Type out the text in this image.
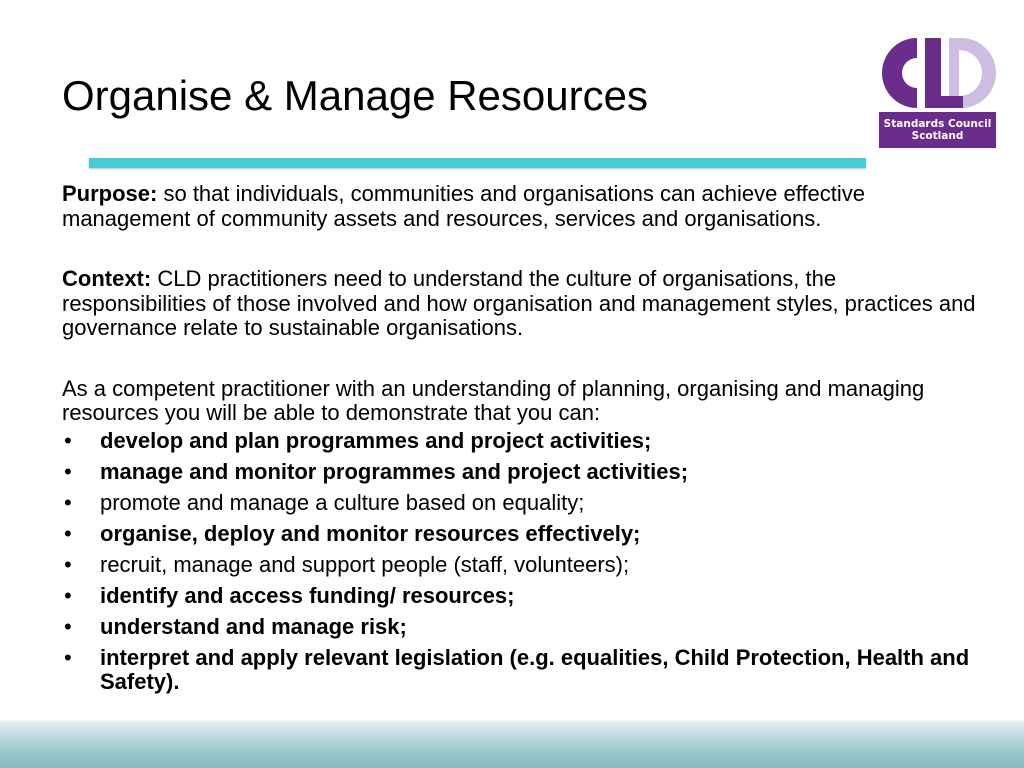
Organise & Manage Resources
Standards Council
Scotland

Purpose: so that individuals, communities and organisations can achieve effective management of community assets and resources, services and organisations.

Context: CLD practitioners need to understand the culture of organisations, the responsibilities of those involved and how organisation and management styles, practices and governance relate to sustainable organisations.

As a competent practitioner with an understanding of planning, organising and managing resources you will be able to demonstrate that you can:

• develop and plan programmes and project activities;
• manage and monitor programmes and project activities;
• promote and manage a culture based on equality;
• organise, deploy and monitor resources effectively;
• recruit, manage and support people (staff, volunteers);
• identify and access funding/ resources;
• understand and manage risk;
• interpret and apply relevant legislation (e.g. equalities, Child Protection, Health and Safety).
